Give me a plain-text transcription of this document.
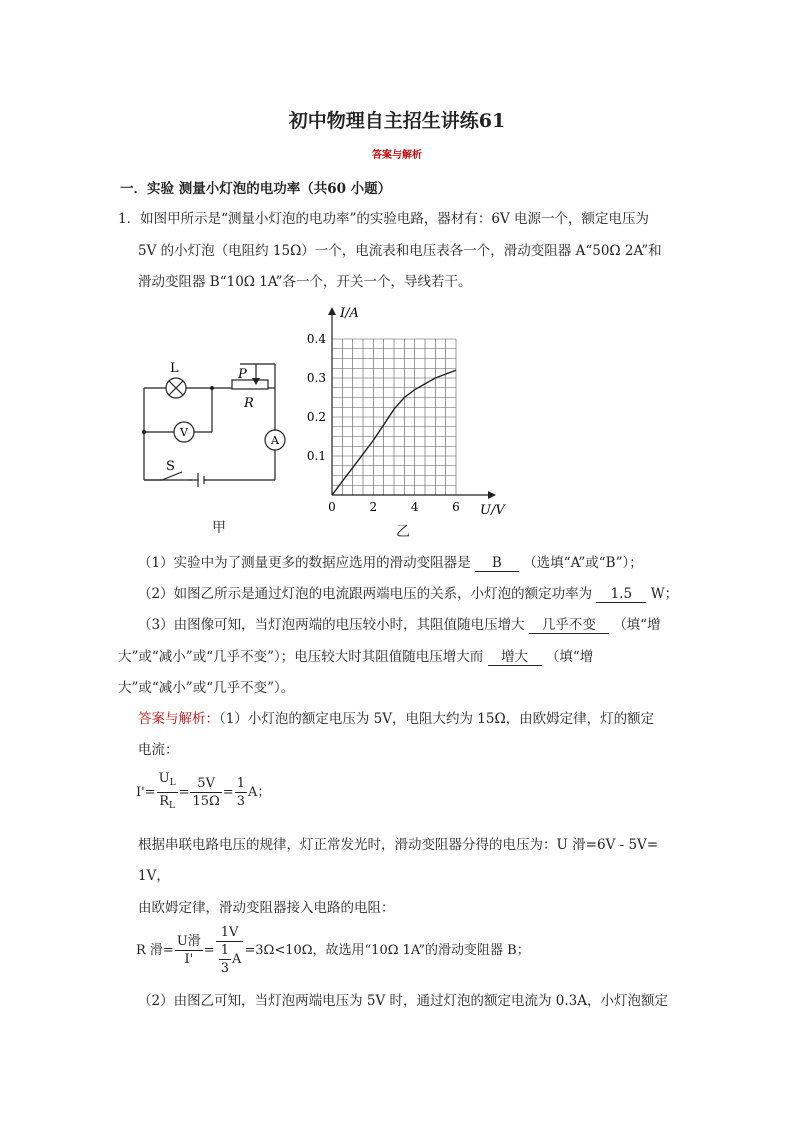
初中物理自主招生讲练61
答案与解析
一．实验 测量小灯泡的电功率（共60 小题）
1．如图甲所示是“测量小灯泡的电功率”的实验电路，器材有：6V 电源一个，额定电压为
5V 的小灯泡（电阻约 15Ω）一个，电流表和电压表各一个，滑动变阻器 A“50Ω 2A”和
滑动变阻器 B“10Ω 1A”各一个，开关一个，导线若干。
L	P
R
V
A
S
甲
0	2	4	6
0.1
0.2
0.3
0.4
U/V
I/A
乙
（1）实验中为了测量更多的数据应选用的滑动变阻器是 B （选填“A”或“B”）；
（2）如图乙所示是通过灯泡的电流跟两端电压的关系，小灯泡的额定功率为 1.5 W；
（3）由图像可知，当灯泡两端的电压较小时，其阻值随电压增大 几乎不变 （填“增
大”或“减小”或“几乎不变”）；电压较大时其阻值随电压增大而 增大 （填“增
大”或“减小”或“几乎不变”）。
答案与解析：（1）小灯泡的额定电压为 5V，电阻大约为 15Ω，由欧姆定律，灯的额定
电流：
$I'= \frac{U_L}{R_L} = \frac{5V}{15\Omega} = \frac{1}{3}$ A；
根据串联电路电压的规律，灯正常发光时，滑动变阻器分得的电压为：U 滑=6V - 5V=
1V，
由欧姆定律，滑动变阻器接入电路的电阻：
R 滑= $\frac{\text{U滑}}{I'} = \frac{1V}{\frac{1}{3} A} =3\Omega<10\Omega$，故选用“10Ω 1A”的滑动变阻器 B；
（2）由图乙可知，当灯泡两端电压为 5V 时，通过灯泡的额定电流为 0.3A，小灯泡额定
